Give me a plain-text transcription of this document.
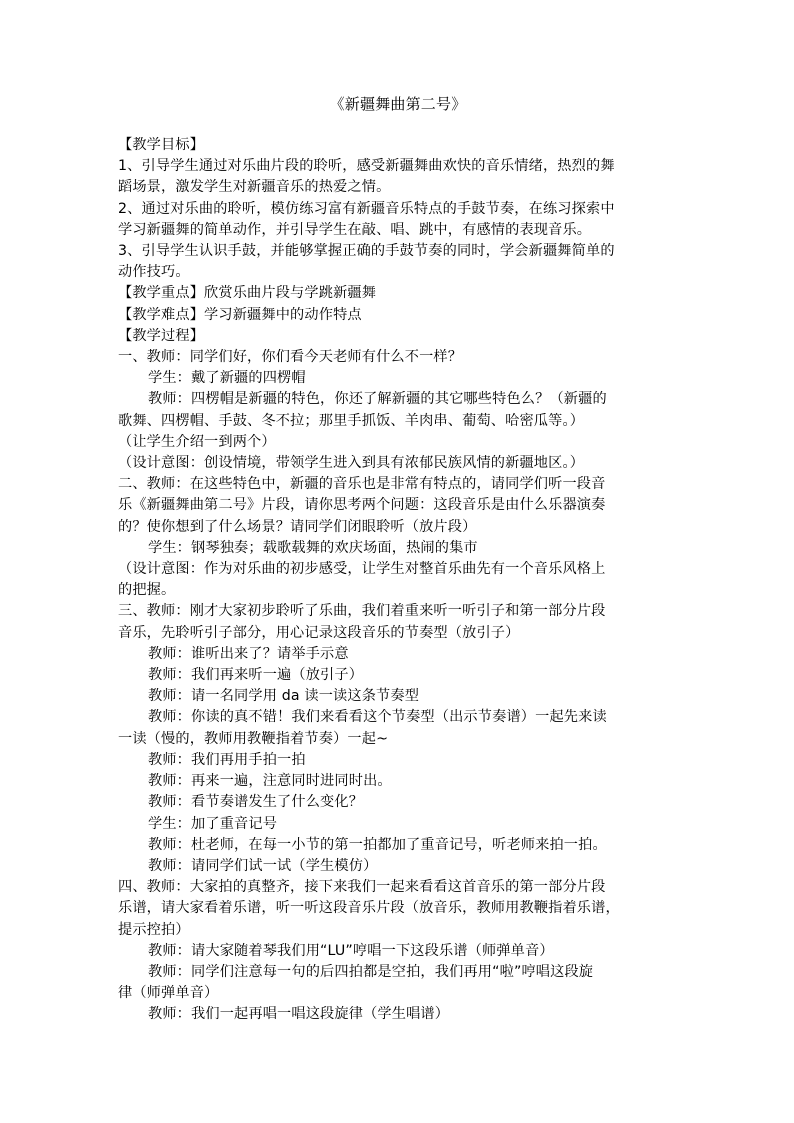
《新疆舞曲第二号》
【教学目标】
1、引导学生通过对乐曲片段的聆听，感受新疆舞曲欢快的音乐情绪，热烈的舞
蹈场景，激发学生对新疆音乐的热爱之情。
2、通过对乐曲的聆听，模仿练习富有新疆音乐特点的手鼓节奏，在练习探索中
学习新疆舞的简单动作，并引导学生在敲、唱、跳中，有感情的表现音乐。
3、引导学生认识手鼓，并能够掌握正确的手鼓节奏的同时，学会新疆舞简单的
动作技巧。
【教学重点】欣赏乐曲片段与学跳新疆舞
【教学难点】学习新疆舞中的动作特点
【教学过程】
一、教师：同学们好，你们看今天老师有什么不一样？
学生：戴了新疆的四楞帽
教师：四楞帽是新疆的特色，你还了解新疆的其它哪些特色么？（新疆的
歌舞、四楞帽、手鼓、冬不拉；那里手抓饭、羊肉串、葡萄、哈密瓜等。）
（让学生介绍一到两个）
（设计意图：创设情境，带领学生进入到具有浓郁民族风情的新疆地区。）
二、教师：在这些特色中，新疆的音乐也是非常有特点的，请同学们听一段音
乐《新疆舞曲第二号》片段，请你思考两个问题：这段音乐是由什么乐器演奏
的？使你想到了什么场景？请同学们闭眼聆听（放片段）
学生：钢琴独奏；载歌载舞的欢庆场面，热闹的集市
（设计意图：作为对乐曲的初步感受，让学生对整首乐曲先有一个音乐风格上
的把握。
三、教师：刚才大家初步聆听了乐曲，我们着重来听一听引子和第一部分片段
音乐，先聆听引子部分，用心记录这段音乐的节奏型（放引子）
教师：谁听出来了？请举手示意
教师：我们再来听一遍（放引子）
教师：请一名同学用 da 读一读这条节奏型
教师：你读的真不错！我们来看看这个节奏型（出示节奏谱）一起先来读
一读（慢的，教师用教鞭指着节奏）一起~
教师：我们再用手拍一拍
教师：再来一遍，注意同时进同时出。
教师：看节奏谱发生了什么变化？
学生：加了重音记号
教师：杜老师，在每一小节的第一拍都加了重音记号，听老师来拍一拍。
教师：请同学们试一试（学生模仿）
四、教师：大家拍的真整齐，接下来我们一起来看看这首音乐的第一部分片段
乐谱，请大家看着乐谱，听一听这段音乐片段（放音乐，教师用教鞭指着乐谱，
提示控拍）
教师：请大家随着琴我们用“LU”哼唱一下这段乐谱（师弹单音）
教师：同学们注意每一句的后四拍都是空拍，我们再用“啦”哼唱这段旋
律（师弹单音）
教师：我们一起再唱一唱这段旋律（学生唱谱）
